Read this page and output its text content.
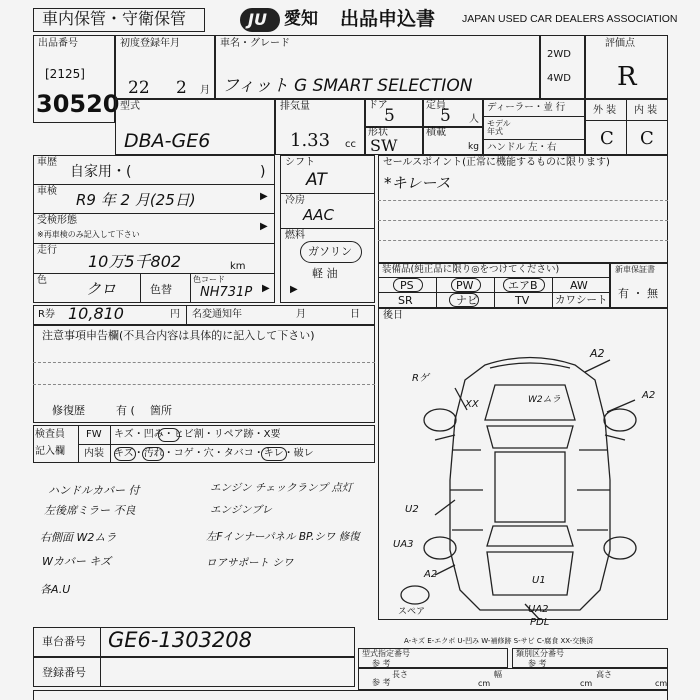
車内保管・守衛保管	JU 愛知 出品申込書	JAPAN USED CAR DEALERS ASSOCIATION
出品番号
[2125]
30520
初度登録年月
22 2 月
車名・グレード
フィット G SMART SELECTION
2WD
4WD
評価点
R
型式
DBA-GE6
排気量
1.33 cc
ドア
5
定員
5 人
形状
SW
積載
kg
ディーラー・並 行
モデル年式
ハンドル 左・右
外 装 内 装
C C
車歴
自家用・(	)
車検 R9 年 2 月(25日)
受検形態
※再車検のみ記入して下さい
走行
10万5千802	km
色	クロ	色替
色コード
NH731P
▶
▶
▶
シフト
AT
冷房
AAC
燃料
ガソリン
軽 油
▶
セールスポイント(正常に機能するものに限ります)
*キレース
装備品(純正品に限り◎をつけてください)
PS	PW	エアB	AW
SR	ナビ	TV カワシート
新車保証書
有 ・ 無
R券 10,810	円 名変通知年	月	日
注意事項申告欄(不具合内容は具体的に記入して下さい)
修復歴	有 ( 箇所
検査員
記入欄
FW キズ・凹み・ヒビ割・リペア跡・X要
内装 キズ・汚れ・コゲ・穴・タバコ・キレ・破レ
後日
ハンドルカバー 付
左後席ミラー 不良
右側面 W2ムラ
Wカバー キズ
各A.U
エンジン チェックランプ 点灯
エンジンブレ
左Fインナーパネル BP.シワ 修復
ロアサポート シワ
A2
Rゲ
XX	W2ムラ	A2
U2
UA3
A2
U1
スペア	UA2
PDL
A-キズ E-エクボ U-凹み W-補修跡 S-サビ C-腐食 XX-交換済
車台番号 GE6-1303208
登録番号
型式指定番号
参 考
類別区分番号
参 考
参 考
長さ
cm
幅
cm
高さ
cm
